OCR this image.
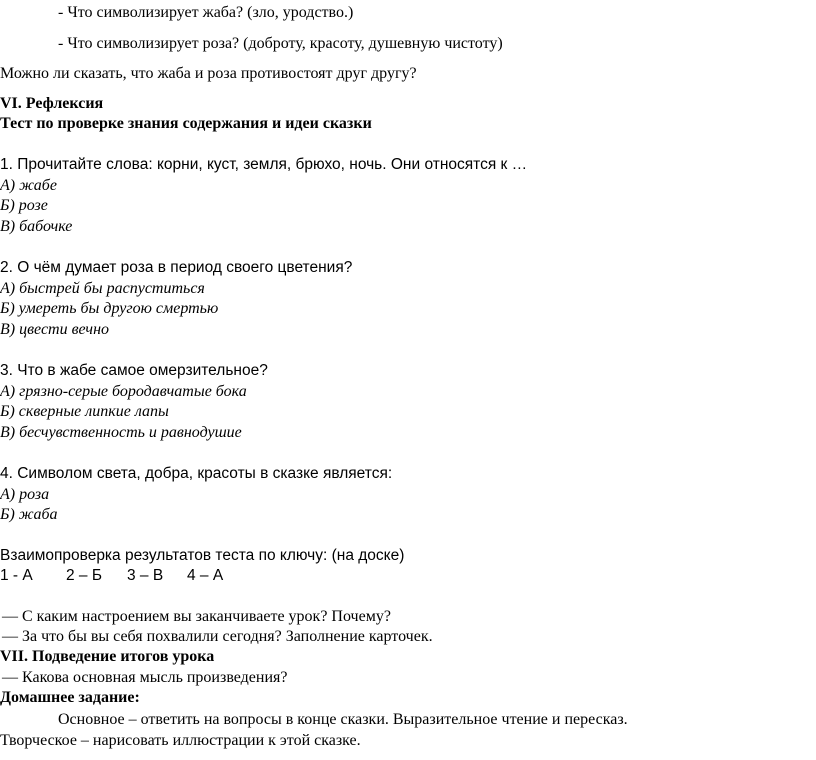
- Что символизирует жаба? (зло, уродство.)
- Что символизирует роза? (доброту, красоту, душевную чистоту)
Можно ли сказать, что жаба и роза противостоят друг другу?
VI. Рефлексия
Тест по проверке знания содержания и идеи сказки
1. Прочитайте слова: корни, куст, земля, брюхо, ночь. Они относятся к …
А) жабе
Б) розе
В) бабочке
2. О чём думает роза в период своего цветения?
А) быстрей бы распуститься
Б) умереть бы другою смертью
В) цвести вечно
3. Что в жабе самое омерзительное?
А) грязно-серые бородавчатые бока
Б) скверные липкие лапы
В) бесчувственность и равнодушие
4. Символом света, добра, красоты в сказке является:
А) роза
Б) жаба
Взаимопроверка результатов теста по ключу: (на доске)
1 - А 2 – Б 3 – В 4 – А
— С каким настроением вы заканчиваете урок? Почему?
— За что бы вы себя похвалили сегодня? Заполнение карточек.
VII. Подведение итогов урока
— Какова основная мысль произведения?
Домашнее задание:
Основное – ответить на вопросы в конце сказки. Выразительное чтение и пересказ.
Творческое – нарисовать иллюстрации к этой сказке.
